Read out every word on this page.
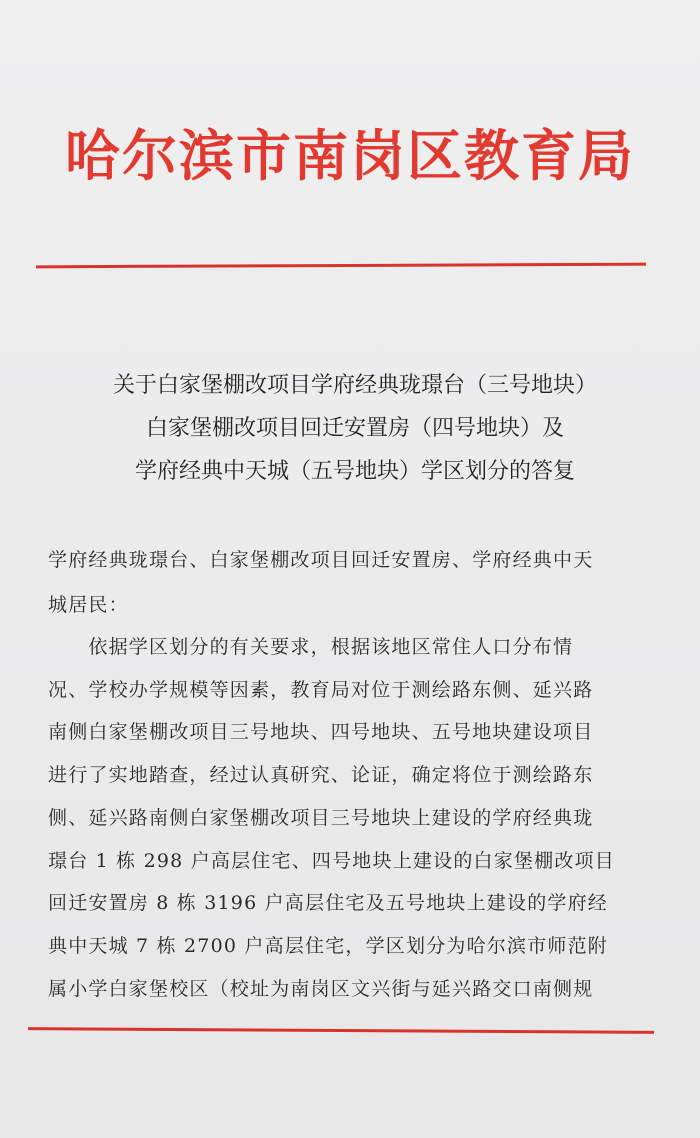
哈尔滨市南岗区教育局
关于白家堡棚改项目学府经典珑璟台（三号地块）
白家堡棚改项目回迁安置房（四号地块）及
学府经典中天城（五号地块）学区划分的答复
学府经典珑璟台、白家堡棚改项目回迁安置房、学府经典中天
城居民：
　　依据学区划分的有关要求，根据该地区常住人口分布情
况、学校办学规模等因素，教育局对位于测绘路东侧、延兴路
南侧白家堡棚改项目三号地块、四号地块、五号地块建设项目
进行了实地踏查，经过认真研究、论证，确定将位于测绘路东
侧、延兴路南侧白家堡棚改项目三号地块上建设的学府经典珑
璟台 1 栋 298 户高层住宅、四号地块上建设的白家堡棚改项目
回迁安置房 8 栋 3196 户高层住宅及五号地块上建设的学府经
典中天城 7 栋 2700 户高层住宅，学区划分为哈尔滨市师范附
属小学白家堡校区（校址为南岗区文兴街与延兴路交口南侧规
